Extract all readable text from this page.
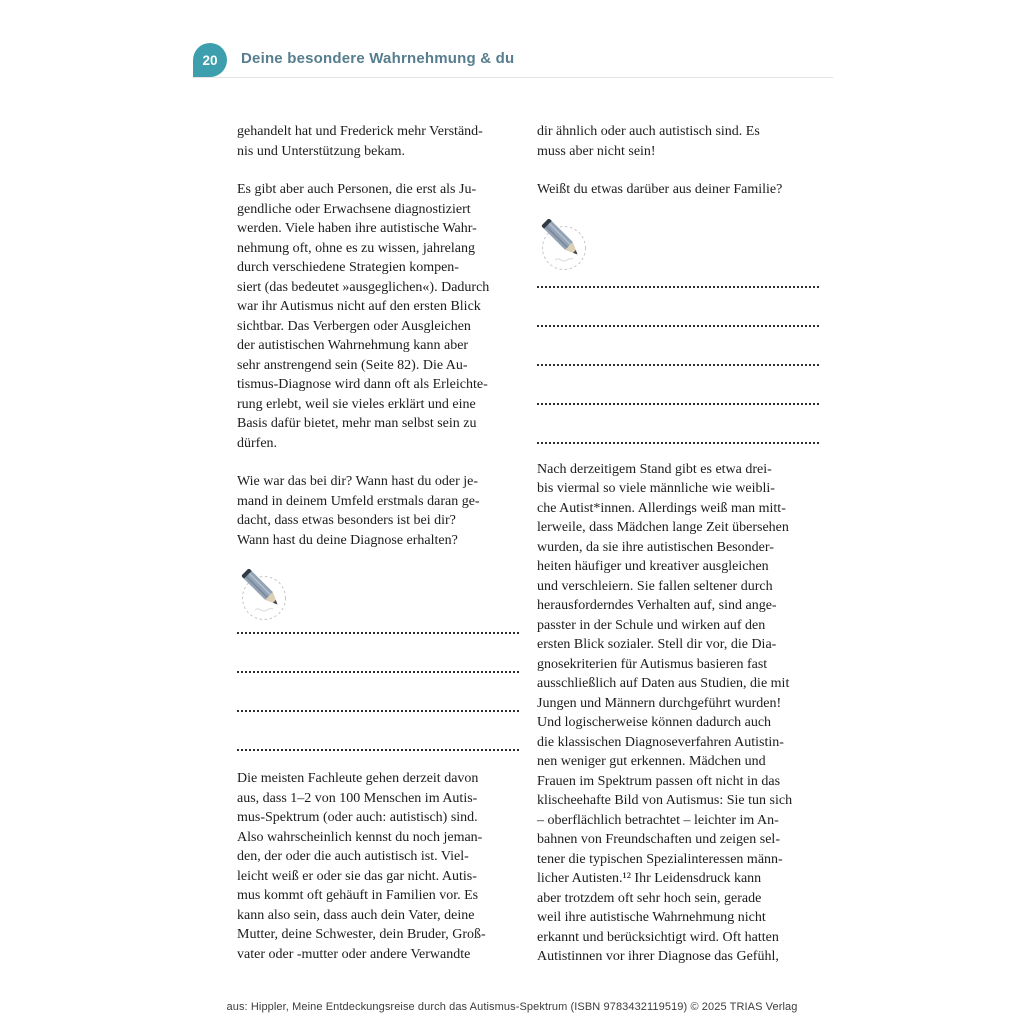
20 Deine besondere Wahrnehmung & du

gehandelt hat und Frederick mehr Verständ-
nis und Unterstützung bekam.

Es gibt aber auch Personen, die erst als Ju-
gendliche oder Erwachsene diagnostiziert
werden. Viele haben ihre autistische Wahr-
nehmung oft, ohne es zu wissen, jahrelang
durch verschiedene Strategien kompen-
siert (das bedeutet »ausgeglichen«). Dadurch
war ihr Autismus nicht auf den ersten Blick
sichtbar. Das Verbergen oder Ausgleichen
der autistischen Wahrnehmung kann aber
sehr anstrengend sein (Seite 82). Die Au-
tismus-Diagnose wird dann oft als Erleichte-
rung erlebt, weil sie vieles erklärt und eine
Basis dafür bietet, mehr man selbst sein zu
dürfen.

Wie war das bei dir? Wann hast du oder je-
mand in deinem Umfeld erstmals daran ge-
dacht, dass etwas besonders ist bei dir?
Wann hast du deine Diagnose erhalten?

Die meisten Fachleute gehen derzeit davon
aus, dass 1–2 von 100 Menschen im Autis-
mus-Spektrum (oder auch: autistisch) sind.
Also wahrscheinlich kennst du noch jeman-
den, der oder die auch autistisch ist. Viel-
leicht weiß er oder sie das gar nicht. Autis-
mus kommt oft gehäuft in Familien vor. Es
kann also sein, dass auch dein Vater, deine
Mutter, deine Schwester, dein Bruder, Groß-
vater oder -mutter oder andere Verwandte

dir ähnlich oder auch autistisch sind. Es
muss aber nicht sein!

Weißt du etwas darüber aus deiner Familie?

Nach derzeitigem Stand gibt es etwa drei-
bis viermal so viele männliche wie weibli-
che Autist*innen. Allerdings weiß man mitt-
lerweile, dass Mädchen lange Zeit übersehen
wurden, da sie ihre autistischen Besonder-
heiten häufiger und kreativer ausgleichen
und verschleiern. Sie fallen seltener durch
herausforderndes Verhalten auf, sind ange-
passter in der Schule und wirken auf den
ersten Blick sozialer. Stell dir vor, die Dia-
gnosekriterien für Autismus basieren fast
ausschließlich auf Daten aus Studien, die mit
Jungen und Männern durchgeführt wurden!
Und logischerweise können dadurch auch
die klassischen Diagnoseverfahren Autistin-
nen weniger gut erkennen. Mädchen und
Frauen im Spektrum passen oft nicht in das
klischeehafte Bild von Autismus: Sie tun sich
– oberflächlich betrachtet – leichter im An-
bahnen von Freundschaften und zeigen sel-
tener die typischen Spezialinteressen männ-
licher Autisten.¹² Ihr Leidensdruck kann
aber trotzdem oft sehr hoch sein, gerade
weil ihre autistische Wahrnehmung nicht
erkannt und berücksichtigt wird. Oft hatten
Autistinnen vor ihrer Diagnose das Gefühl,

aus: Hippler, Meine Entdeckungsreise durch das Autismus-Spektrum (ISBN 9783432119519) © 2025 TRIAS Verlag
